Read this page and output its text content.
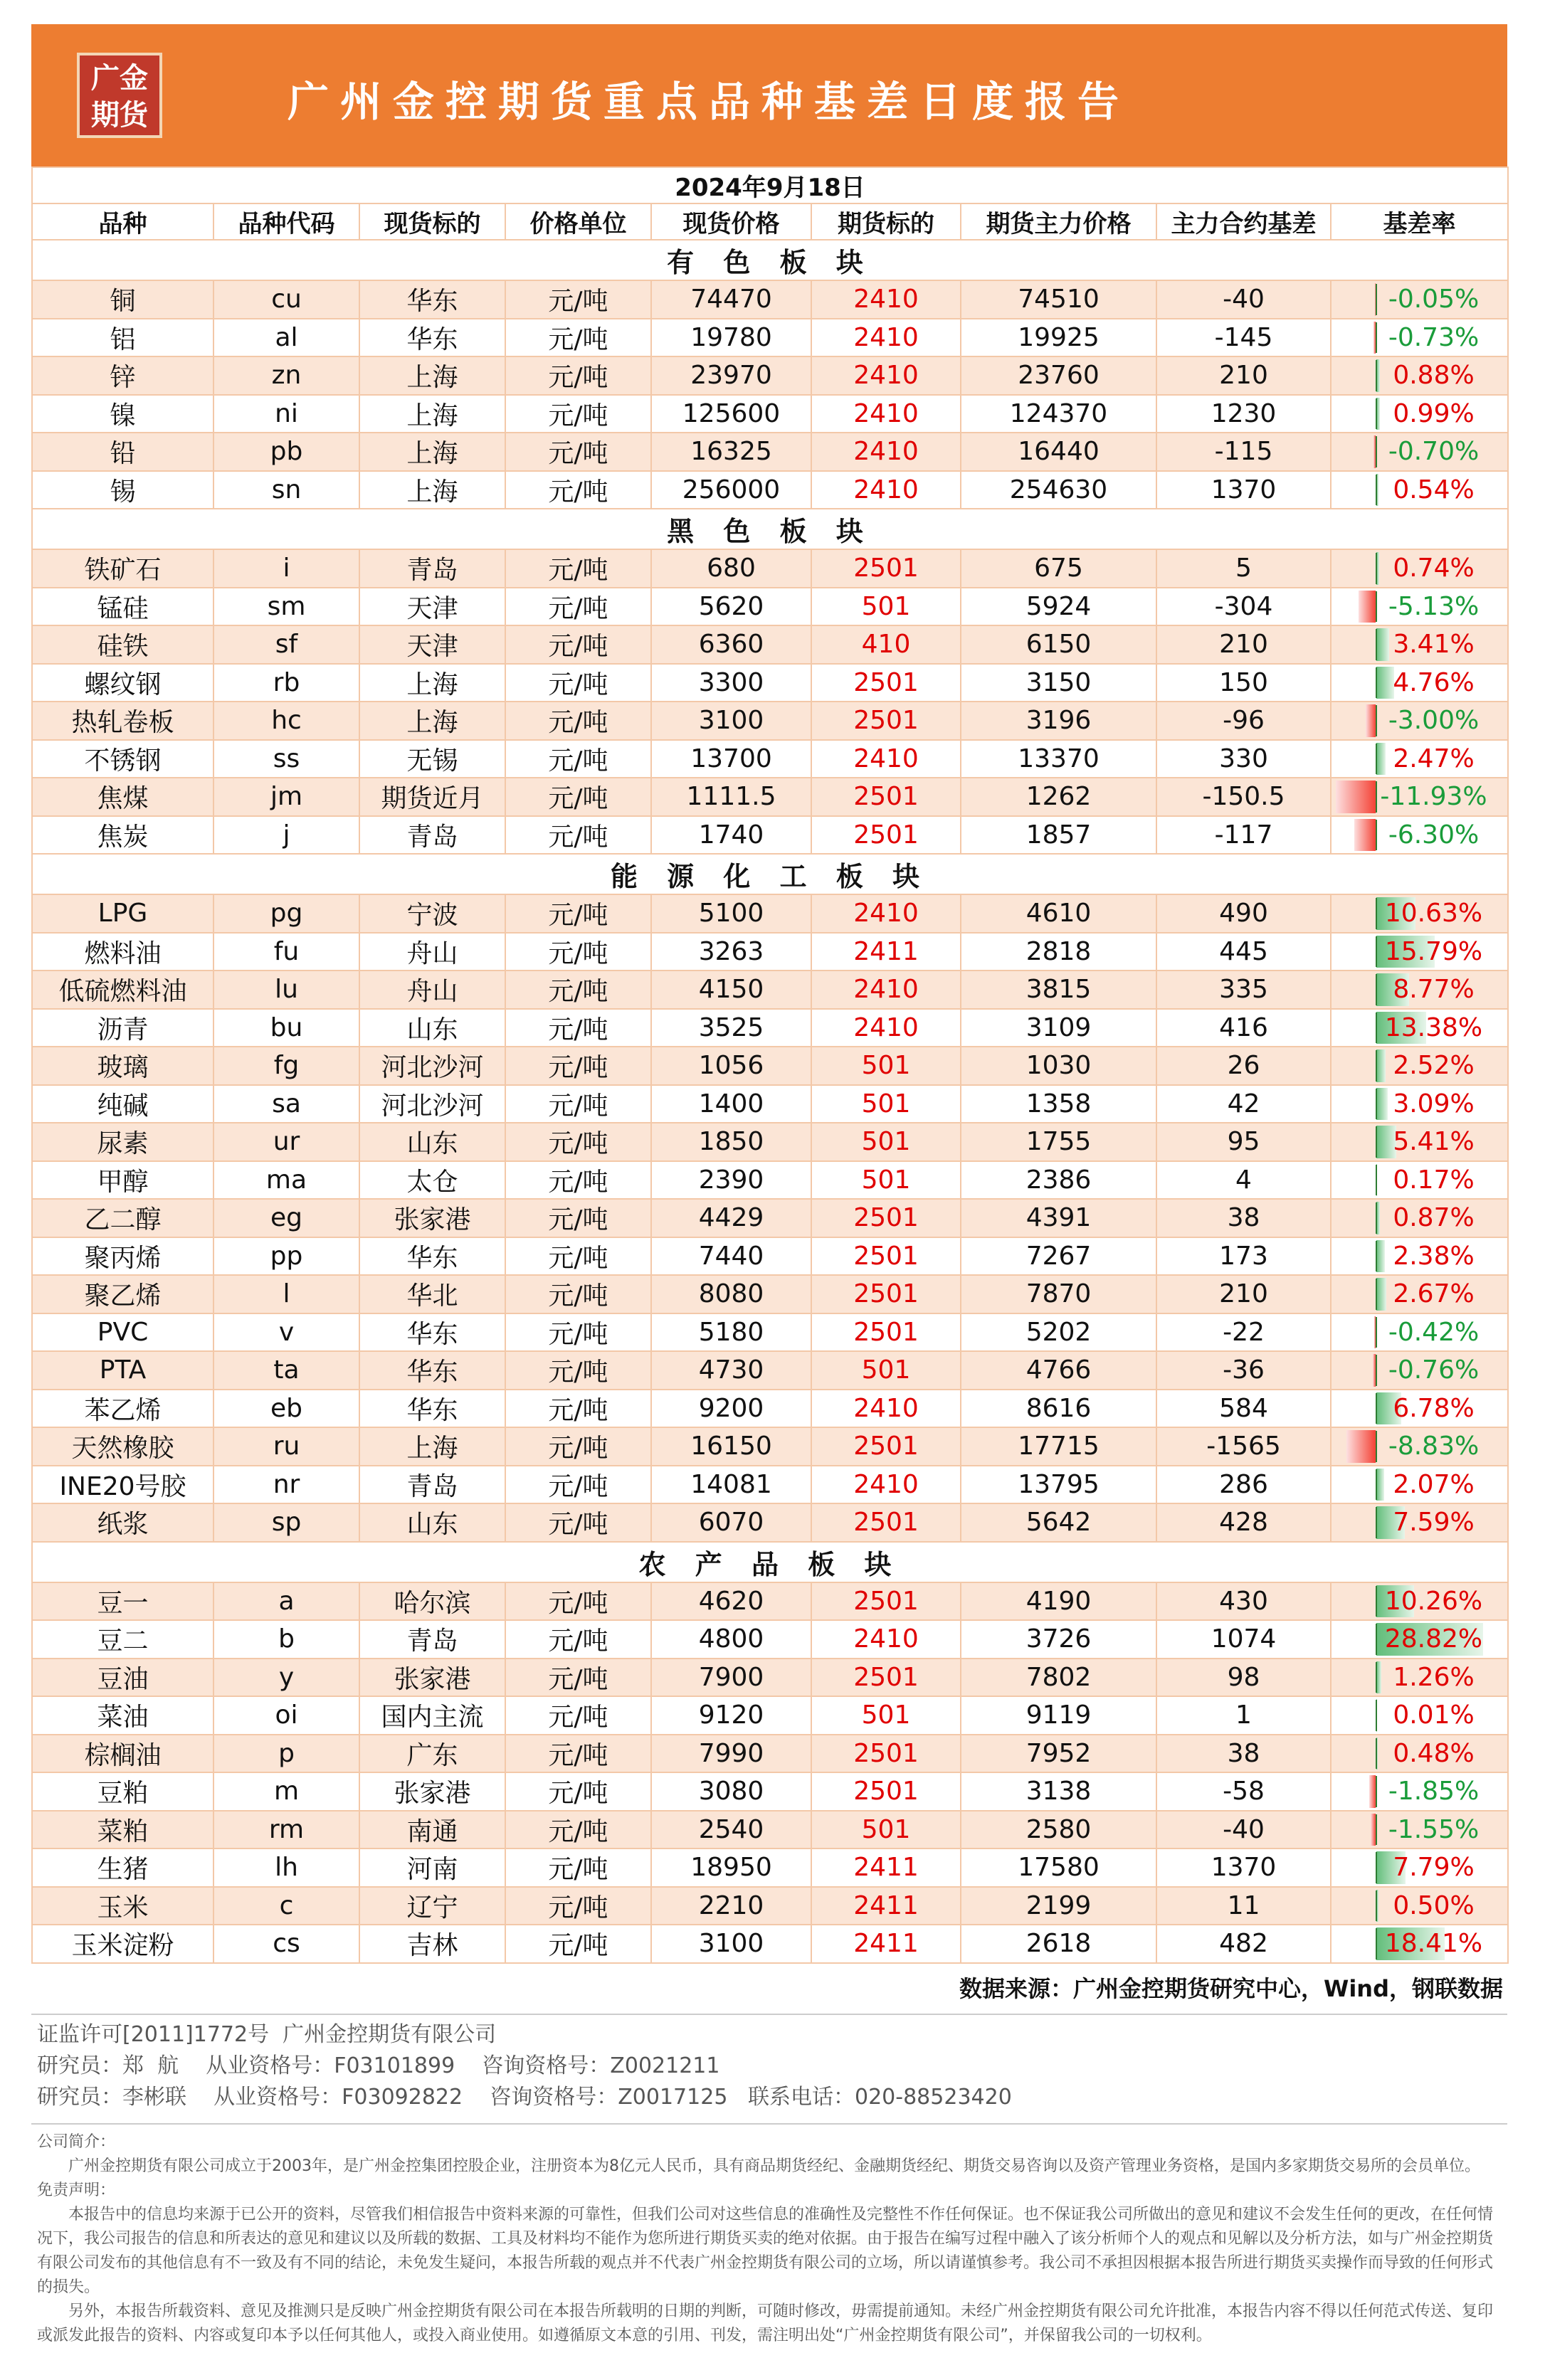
广金
期货	广州金控期货重点品种基差日度报告
2024年9月18日								
品种	品种代码	现货标的	价格单位	现货价格	期货标的	期货主力价格	主力合约基差	基差率
有 色 板 块								
铜	cu	华东	元/吨	74470	2410	74510	-40	-0.05%
铝	al	华东	元/吨	19780	2410	19925	-145	-0.73%
锌	zn	上海	元/吨	23970	2410	23760	210	0.88%
镍	ni	上海	元/吨	125600	2410	124370	1230	0.99%
铅	pb	上海	元/吨	16325	2410	16440	-115	-0.70%
锡	sn	上海	元/吨	256000	2410	254630	1370	0.54%
黑 色 板 块								
铁矿石	i	青岛	元/吨	680	2501	675	5	0.74%
锰硅	sm	天津	元/吨	5620	501	5924	-304	-5.13%
硅铁	sf	天津	元/吨	6360	410	6150	210	3.41%
螺纹钢	rb	上海	元/吨	3300	2501	3150	150	4.76%
热轧卷板	hc	上海	元/吨	3100	2501	3196	-96	-3.00%
不锈钢	ss	无锡	元/吨	13700	2410	13370	330	2.47%
焦煤	jm	期货近月	元/吨	1111.5	2501	1262	-150.5	-11.93%
焦炭	j	青岛	元/吨	1740	2501	1857	-117	-6.30%
能 源 化 工 板 块								
LPG	pg	宁波	元/吨	5100	2410	4610	490	10.63%
燃料油	fu	舟山	元/吨	3263	2411	2818	445	15.79%
低硫燃料油	lu	舟山	元/吨	4150	2410	3815	335	8.77%
沥青	bu	山东	元/吨	3525	2410	3109	416	13.38%
玻璃	fg	河北沙河	元/吨	1056	501	1030	26	2.52%
纯碱	sa	河北沙河	元/吨	1400	501	1358	42	3.09%
尿素	ur	山东	元/吨	1850	501	1755	95	5.41%
甲醇	ma	太仓	元/吨	2390	501	2386	4	0.17%
乙二醇	eg	张家港	元/吨	4429	2501	4391	38	0.87%
聚丙烯	pp	华东	元/吨	7440	2501	7267	173	2.38%
聚乙烯	l	华北	元/吨	8080	2501	7870	210	2.67%
PVC	v	华东	元/吨	5180	2501	5202	-22	-0.42%
PTA	ta	华东	元/吨	4730	501	4766	-36	-0.76%
苯乙烯	eb	华东	元/吨	9200	2410	8616	584	6.78%
天然橡胶	ru	上海	元/吨	16150	2501	17715	-1565	-8.83%
INE20号胶	nr	青岛	元/吨	14081	2410	13795	286	2.07%
纸浆	sp	山东	元/吨	6070	2501	5642	428	7.59%
农 产 品 板 块								
豆一	a	哈尔滨	元/吨	4620	2501	4190	430	10.26%
豆二	b	青岛	元/吨	4800	2410	3726	1074	28.82%
豆油	y	张家港	元/吨	7900	2501	7802	98	1.26%
菜油	oi	国内主流	元/吨	9120	501	9119	1	0.01%
棕榈油	p	广东	元/吨	7990	2501	7952	38	0.48%
豆粕	m	张家港	元/吨	3080	2501	3138	-58	-1.85%
菜粕	rm	南通	元/吨	2540	501	2580	-40	-1.55%
生猪	lh	河南	元/吨	18950	2411	17580	1370	7.79%
玉米	c	辽宁	元/吨	2210	2411	2199	11	0.50%
玉米淀粉	cs	吉林	元/吨	3100	2411	2618	482	18.41%
数据来源：广州金控期货研究中心，Wind，钢联数据
证监许可[2011]1772号  广州金控期货有限公司
研究员：郑  航    从业资格号：F03101899    咨询资格号：Z0021211
研究员：李彬联    从业资格号：F03092822    咨询资格号：Z0017125   联系电话：020-88523420

公司简介：

广州金控期货有限公司成立于2003年，是广州金控集团控股企业，注册资本为8亿元人民币，具有商品期货经纪、金融期货经纪、期货交易咨询以及资产管理业务资格，是国内多家期货交易所的会员单位。

免责声明：

本报告中的信息均来源于已公开的资料，尽管我们相信报告中资料来源的可靠性，但我们公司对这些信息的准确性及完整性不作任何保证。也不保证我公司所做出的意见和建议不会发生任何的更改，在任何情况下，我公司报告的信息和所表达的意见和建议以及所载的数据、工具及材料均不能作为您所进行期货买卖的绝对依据。由于报告在编写过程中融入了该分析师个人的观点和见解以及分析方法，如与广州金控期货有限公司发布的其他信息有不一致及有不同的结论，未免发生疑问，本报告所载的观点并不代表广州金控期货有限公司的立场，所以请谨慎参考。我公司不承担因根据本报告所进行期货买卖操作而导致的任何形式的损失。

另外，本报告所载资料、意见及推测只是反映广州金控期货有限公司在本报告所载明的日期的判断，可随时修改，毋需提前通知。未经广州金控期货有限公司允许批准，本报告内容不得以任何范式传送、复印或派发此报告的资料、内容或复印本予以任何其他人，或投入商业使用。如遵循原文本意的引用、刊发，需注明出处“广州金控期货有限公司”，并保留我公司的一切权利。
